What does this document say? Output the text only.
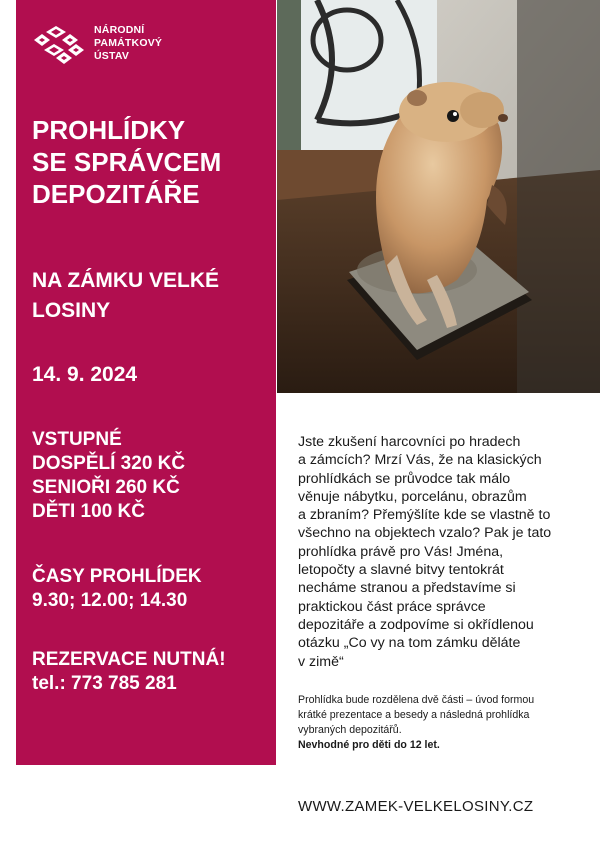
NÁRODNÍ
PAMÁTKOVÝ
ÚSTAV
PROHLÍDKY
SE SPRÁVCEM
DEPOZITÁŘE
NA ZÁMKU VELKÉ
LOSINY
14. 9. 2024
VSTUPNÉ
DOSPĚLÍ 320 KČ
SENIOŘI 260 KČ
DĚTI 100 KČ
ČASY PROHLÍDEK
9.30; 12.00; 14.30
REZERVACE NUTNÁ!
tel.: 773 785 281
Jste zkušení harcovníci po hradech
a zámcích? Mrzí Vás, že na klasických
prohlídkách se průvodce tak málo
věnuje nábytku, porcelánu, obrazům
a zbraním? Přemýšlíte kde se vlastně to
všechno na objektech vzalo? Pak je tato
prohlídka právě pro Vás! Jména,
letopočty a slavné bitvy tentokrát
necháme stranou a představíme si
praktickou část práce správce
depozitáře a zodpovíme si okřídlenou
otázku „Co vy na tom zámku děláte
v zimě“
Prohlídka bude rozdělena dvě části – úvod formou
krátké prezentace a besedy a následná prohlídka
vybraných depozitářů.
Nevhodné pro děti do 12 let.
WWW.ZAMEK-VELKELOSINY.CZ
